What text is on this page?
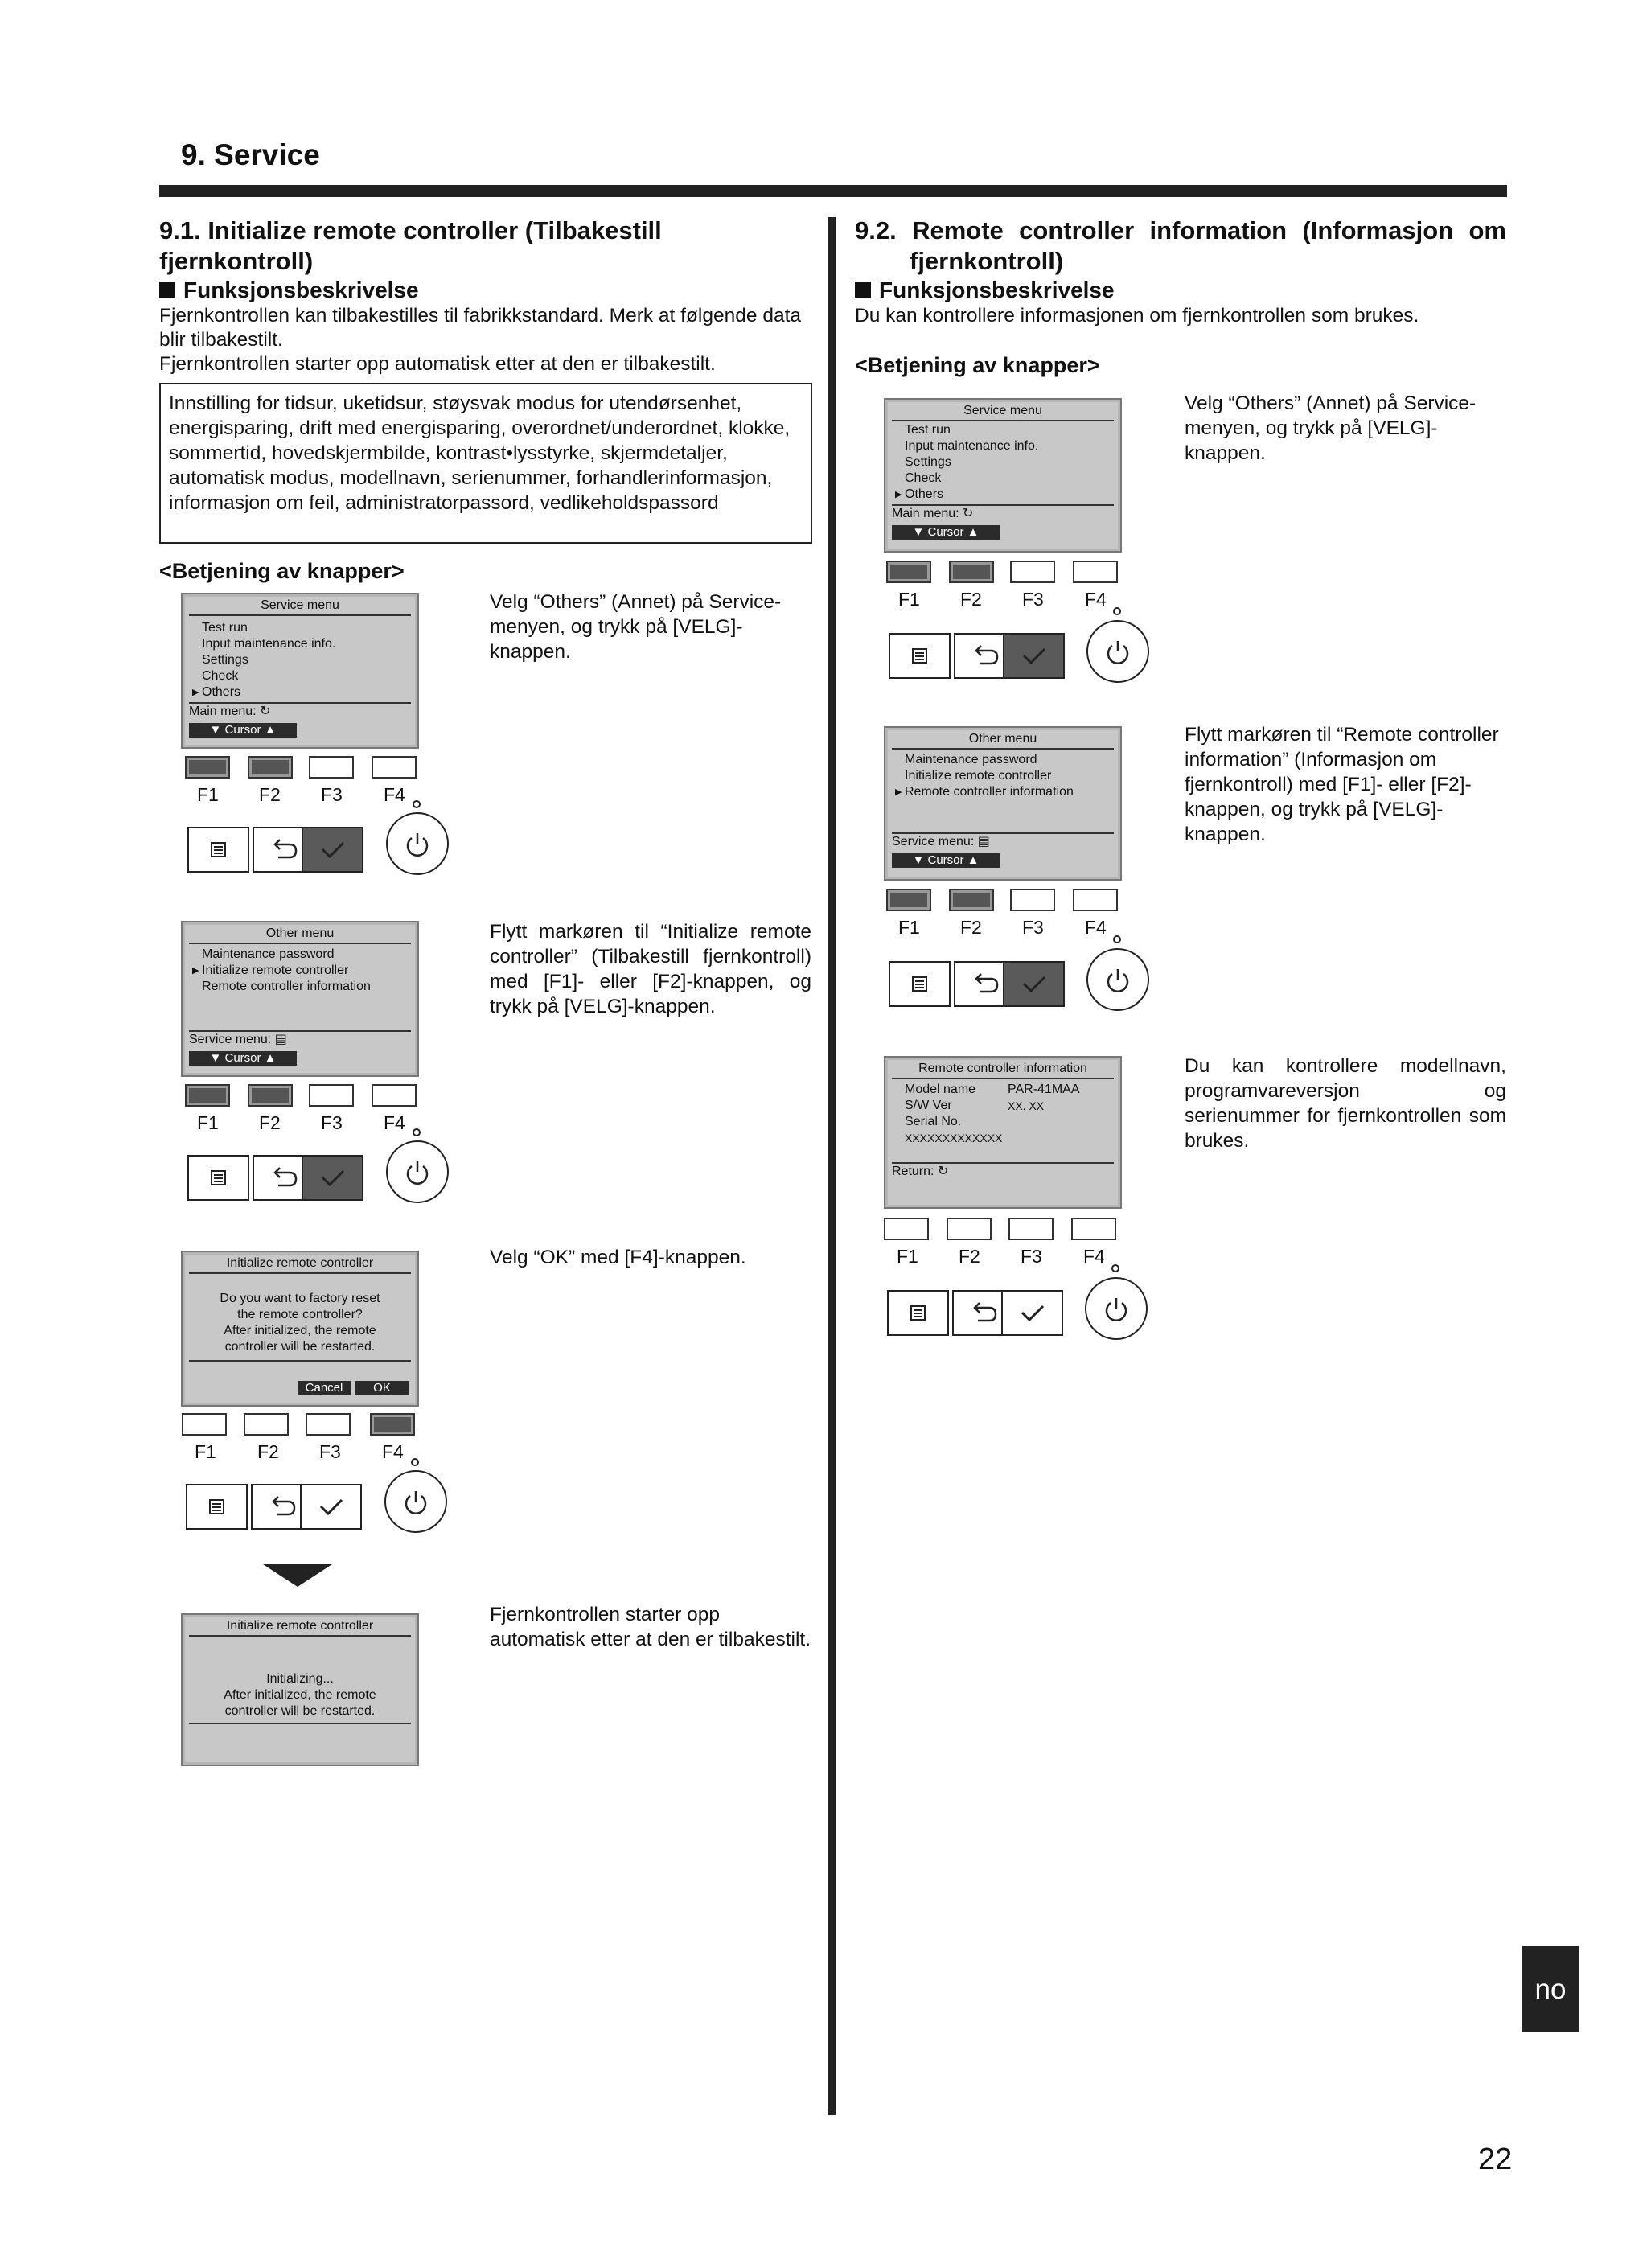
9. Service
9.1. Initialize remote controller (Tilbakestill fjernkontroll)
Funksjonsbeskrivelse
Fjernkontrollen kan tilbakestilles til fabrikkstandard. Merk at følgende data blir tilbakestilt.
Fjernkontrollen starter opp automatisk etter at den er tilbakestilt.
Innstilling for tidsur, uketidsur, støysvak modus for utendørsenhet, energisparing, drift med energisparing, overordnet/underordnet, klokke, sommertid, hovedskjermbilde, kontrast•lysstyrke, skjermdetaljer, automatisk modus, modellnavn, serienummer, forhandlerinformasjon, informasjon om feil, administratorpassord, vedlikeholdspassord
<Betjening av knapper>
Service menu
Test run
Input maintenance info.
Settings
Check
▶ Others
Main menu: ↻
▼ Cursor ▲
Velg “Others” (Annet) på Service-menyen, og trykk på [VELG]-knappen.
F1 F2 F3 F4
Other menu
Maintenance password
▶ Initialize remote controller
Remote controller information
Service menu: ▤
▼ Cursor ▲
Flytt markøren til “Initialize remote controller” (Tilbakestill fjernkontroll) med [F1]- eller [F2]-knappen, og trykk på [VELG]-knappen.
F1 F2 F3 F4
Initialize remote controller
Do you want to factory reset
the remote controller?
After initialized, the remote
controller will be restarted.
Cancel	OK
Velg “OK” med [F4]-knappen.
F1 F2 F3 F4
Initialize remote controller
Initializing...
After initialized, the remote
controller will be restarted.
Fjernkontrollen starter opp automatisk etter at den er tilbakestilt.
9.2. Remote controller information (Informasjon om
fjernkontroll)
Funksjonsbeskrivelse
Du kan kontrollere informasjonen om fjernkontrollen som brukes.
<Betjening av knapper>
Service menu
Test run
Input maintenance info.
Settings
Check
▶ Others
Main menu: ↻
▼ Cursor ▲
Velg “Others” (Annet) på Service-menyen, og trykk på [VELG]-knappen.
F1 F2 F3 F4
Other menu
Maintenance password
Initialize remote controller
▶ Remote controller information
Service menu: ▤
▼ Cursor ▲
Flytt markøren til “Remote controller information” (Informasjon om fjernkontroll) med [F1]- eller [F2]-knappen, og trykk på [VELG]-knappen.
F1 F2 F3 F4
Remote controller information
Model name PAR-41MAA
S/W Ver	XX. XX
Serial No.
XXXXXXXXXXXXX
Return: ↻
Du kan kontrollere modellnavn, programvareversjon og serienummer for fjernkontrollen som brukes.
F1 F2 F3 F4
no
22
